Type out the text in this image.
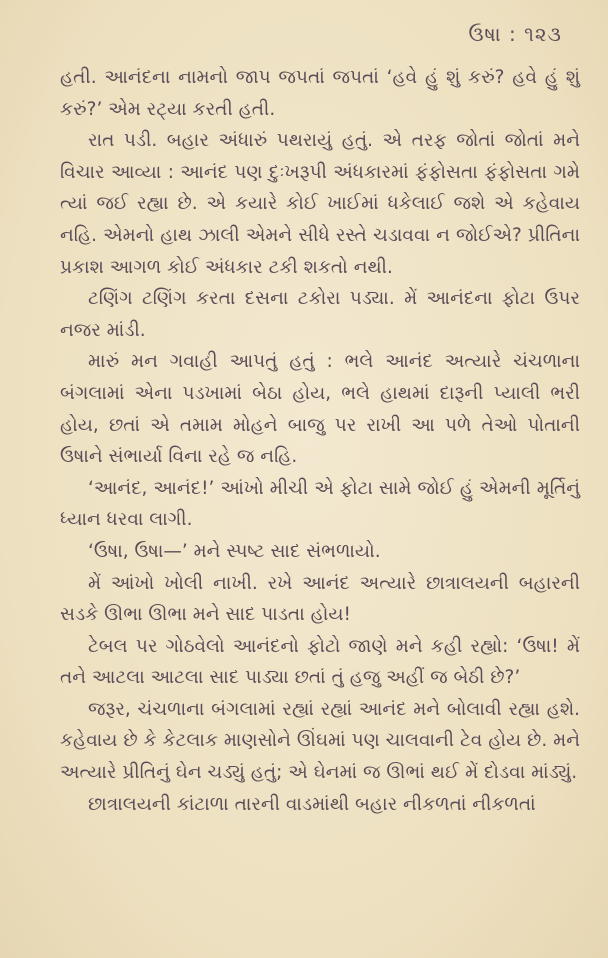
ઉષા : ૧૨૩

હતી. આનંદના નામનો જાપ જપતાં જપતાં ‘હવે હું શું કરું? હવે હું શું કરું?’ એમ રટ્યા કરતી હતી.

રાત પડી. બહાર અંધારું પથરાયું હતું. એ તરફ જોતાં જોતાં મને વિચાર આવ્યા : આનંદ પણ દુઃખરૂપી અંધકારમાં ફંફોસતા ફંફોસતા ગમે ત્યાં જઈ રહ્યા છે. એ કયારે કોઈ ખાઈમાં ધકેલાઈ જશે એ કહેવાય નહિ. એમનો હાથ ઝાલી એમને સીધે રસ્તે ચડાવવા ન જોઈએ? પ્રીતિના પ્રકાશ આગળ કોઈ અંધકાર ટકી શકતો નથી.

ટણિંગ ટણિંગ કરતા દસના ટકોરા પડ્યા. મેં આનંદના ફોટા ઉપર નજર માંડી.

મારું મન ગવાહી આપતું હતું : ભલે આનંદ અત્યારે ચંચળાના બંગલામાં એના પડખામાં બેઠા હોય, ભલે હાથમાં દારૂની પ્યાલી ભરી હોય, છતાં એ તમામ મોહને બાજુ પર રાખી આ પળે તેઓ પોતાની ઉષાને સંભાર્યા વિના રહે જ નહિ.

‘આનંદ, આનંદ!’ આંખો મીચી એ ફોટા સામે જોઈ હું એમની મૂર્તિનું ધ્યાન ધરવા લાગી.

‘ઉષા, ઉષા—’ મને સ્પષ્ટ સાદ સંભળાયો.

મેં આંખો ખોલી નાખી. રખે આનંદ અત્યારે છાત્રાલયની બહારની સડકે ઊભા ઊભા મને સાદ પાડતા હોય!

ટેબલ પર ગોઠવેલો આનંદનો ફોટો જાણે મને કહી રહ્યો: ‘ઉષા! મેં તને આટલા આટલા સાદ પાડ્યા છતાં તું હજુ અહીં જ બેઠી છે?’

જરૂર, ચંચળાના બંગલામાં રહ્યાં રહ્યાં આનંદ મને બોલાવી રહ્યા હશે. કહેવાય છે કે કેટલાક માણસોને ઊંઘમાં પણ ચાલવાની ટેવ હોય છે. મને અત્યારે પ્રીતિનું ઘેન ચડ્યું હતું; એ ઘેનમાં જ ઊભાં થઈ મેં દોડવા માંડ્યું.

છાત્રાલયની કાંટાળા તારની વાડમાંથી બહાર નીકળતાં નીકળતાં
